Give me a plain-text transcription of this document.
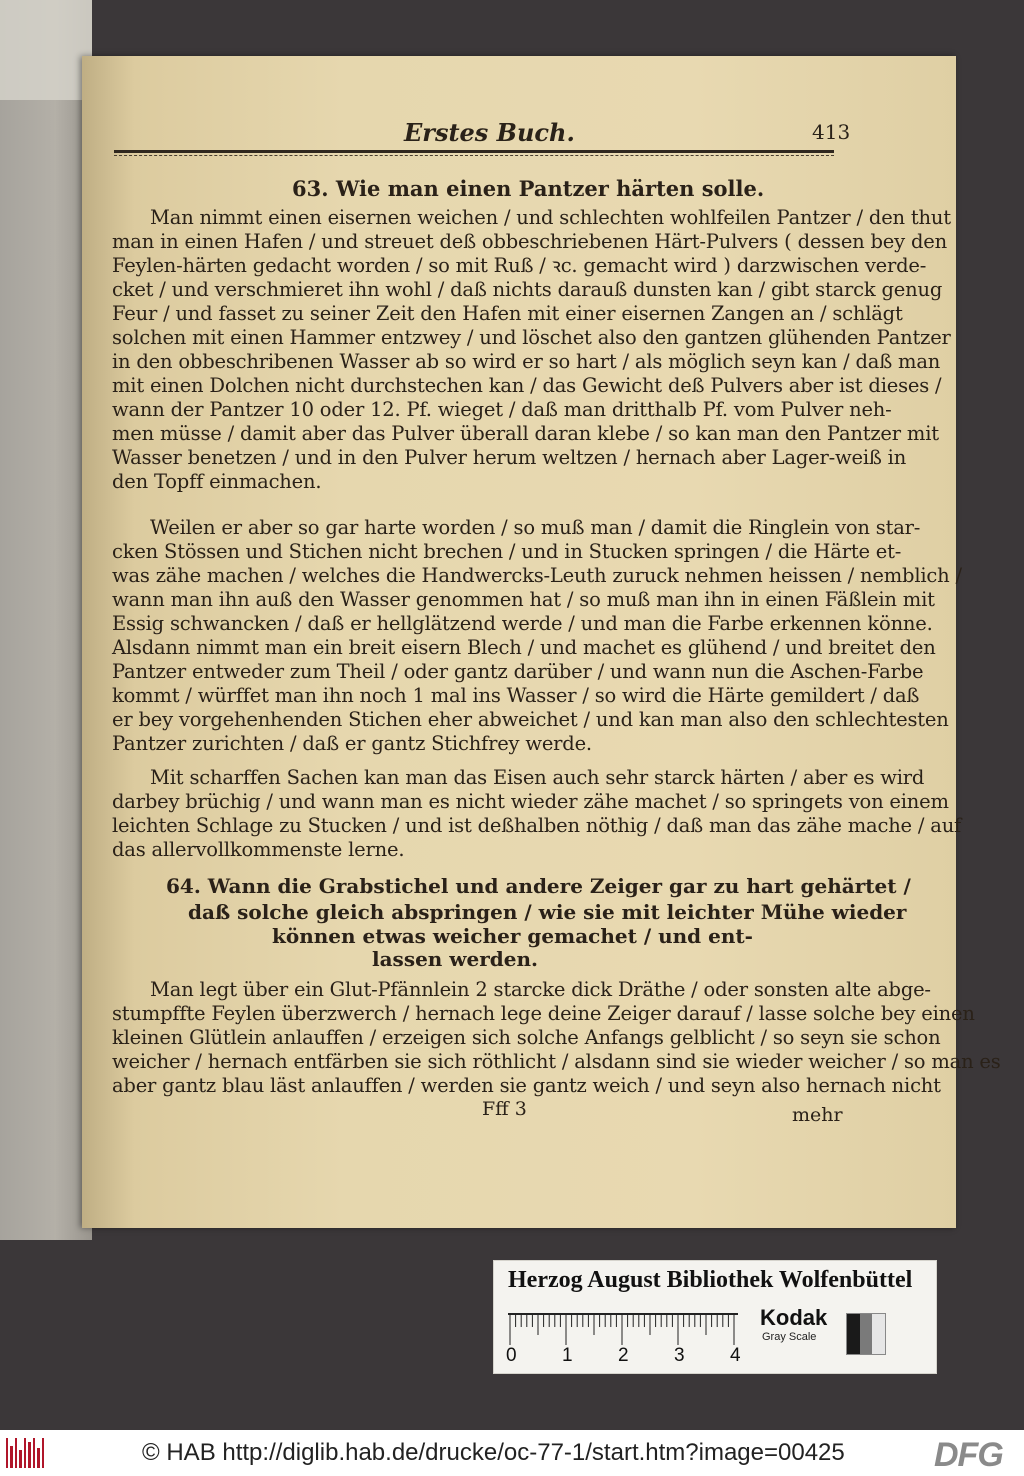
Erstes Buch.	413
63. Wie man einen Pantzer härten solle.
Man nimmt einen eisernen weichen / und schlechten wohlfeilen Pantzer / den thut
man in einen Hafen / und streuet deß obbeschriebenen Härt-Pulvers ( dessen bey den
Feylen-härten gedacht worden / so mit Ruß / ꝛc. gemacht wird ) darzwischen verde-
cket / und verschmieret ihn wohl / daß nichts darauß dunsten kan / gibt starck genug
Feur / und fasset zu seiner Zeit den Hafen mit einer eisernen Zangen an / schlägt
solchen mit einen Hammer entzwey / und löschet also den gantzen glühenden Pantzer
in den obbeschribenen Wasser ab so wird er so hart / als möglich seyn kan / daß man
mit einen Dolchen nicht durchstechen kan / das Gewicht deß Pulvers aber ist dieses /
wann der Pantzer 10 oder 12. Pf. wieget / daß man dritthalb Pf. vom Pulver neh-
men müsse / damit aber das Pulver überall daran klebe / so kan man den Pantzer mit
Wasser benetzen / und in den Pulver herum weltzen / hernach aber Lager-weiß in
den Topff einmachen.
Weilen er aber so gar harte worden / so muß man / damit die Ringlein von star-
cken Stössen und Stichen nicht brechen / und in Stucken springen / die Härte et-
was zähe machen / welches die Handwercks-Leuth zuruck nehmen heissen / nemblich /
wann man ihn auß den Wasser genommen hat / so muß man ihn in einen Fäßlein mit
Essig schwancken / daß er hellglätzend werde / und man die Farbe erkennen könne.
Alsdann nimmt man ein breit eisern Blech / und machet es glühend / und breitet den
Pantzer entweder zum Theil / oder gantz darüber / und wann nun die Aschen-Farbe
kommt / würffet man ihn noch 1 mal ins Wasser / so wird die Härte gemildert / daß
er bey vorgehenhenden Stichen eher abweichet / und kan man also den schlechtesten
Pantzer zurichten / daß er gantz Stichfrey werde.
Mit scharffen Sachen kan man das Eisen auch sehr starck härten / aber es wird
darbey brüchig / und wann man es nicht wieder zähe machet / so springets von einem
leichten Schlage zu Stucken / und ist deßhalben nöthig / daß man das zähe mache / auf
das allervollkommenste lerne.
64. Wann die Grabstichel und andere Zeiger gar zu hart gehärtet /
daß solche gleich abspringen / wie sie mit leichter Mühe wieder
können etwas weicher gemachet / und ent-
lassen werden.
Man legt über ein Glut-Pfännlein 2 starcke dick Dräthe / oder sonsten alte abge-
stumpffte Feylen überzwerch / hernach lege deine Zeiger darauf / lasse solche bey einen
kleinen Glütlein anlauffen / erzeigen sich solche Anfangs gelblicht / so seyn sie schon
weicher / hernach entfärben sie sich röthlicht / alsdann sind sie wieder weicher / so man es
aber gantz blau läst anlauffen / werden sie gantz weich / und seyn also hernach nicht
Fff 3	mehr
Herzog August Bibliothek Wolfenbüttel
0 1 2 3 4
Kodak
Gray Scale
© HAB http://diglib.hab.de/drucke/oc-77-1/start.htm?image=00425	DFG
